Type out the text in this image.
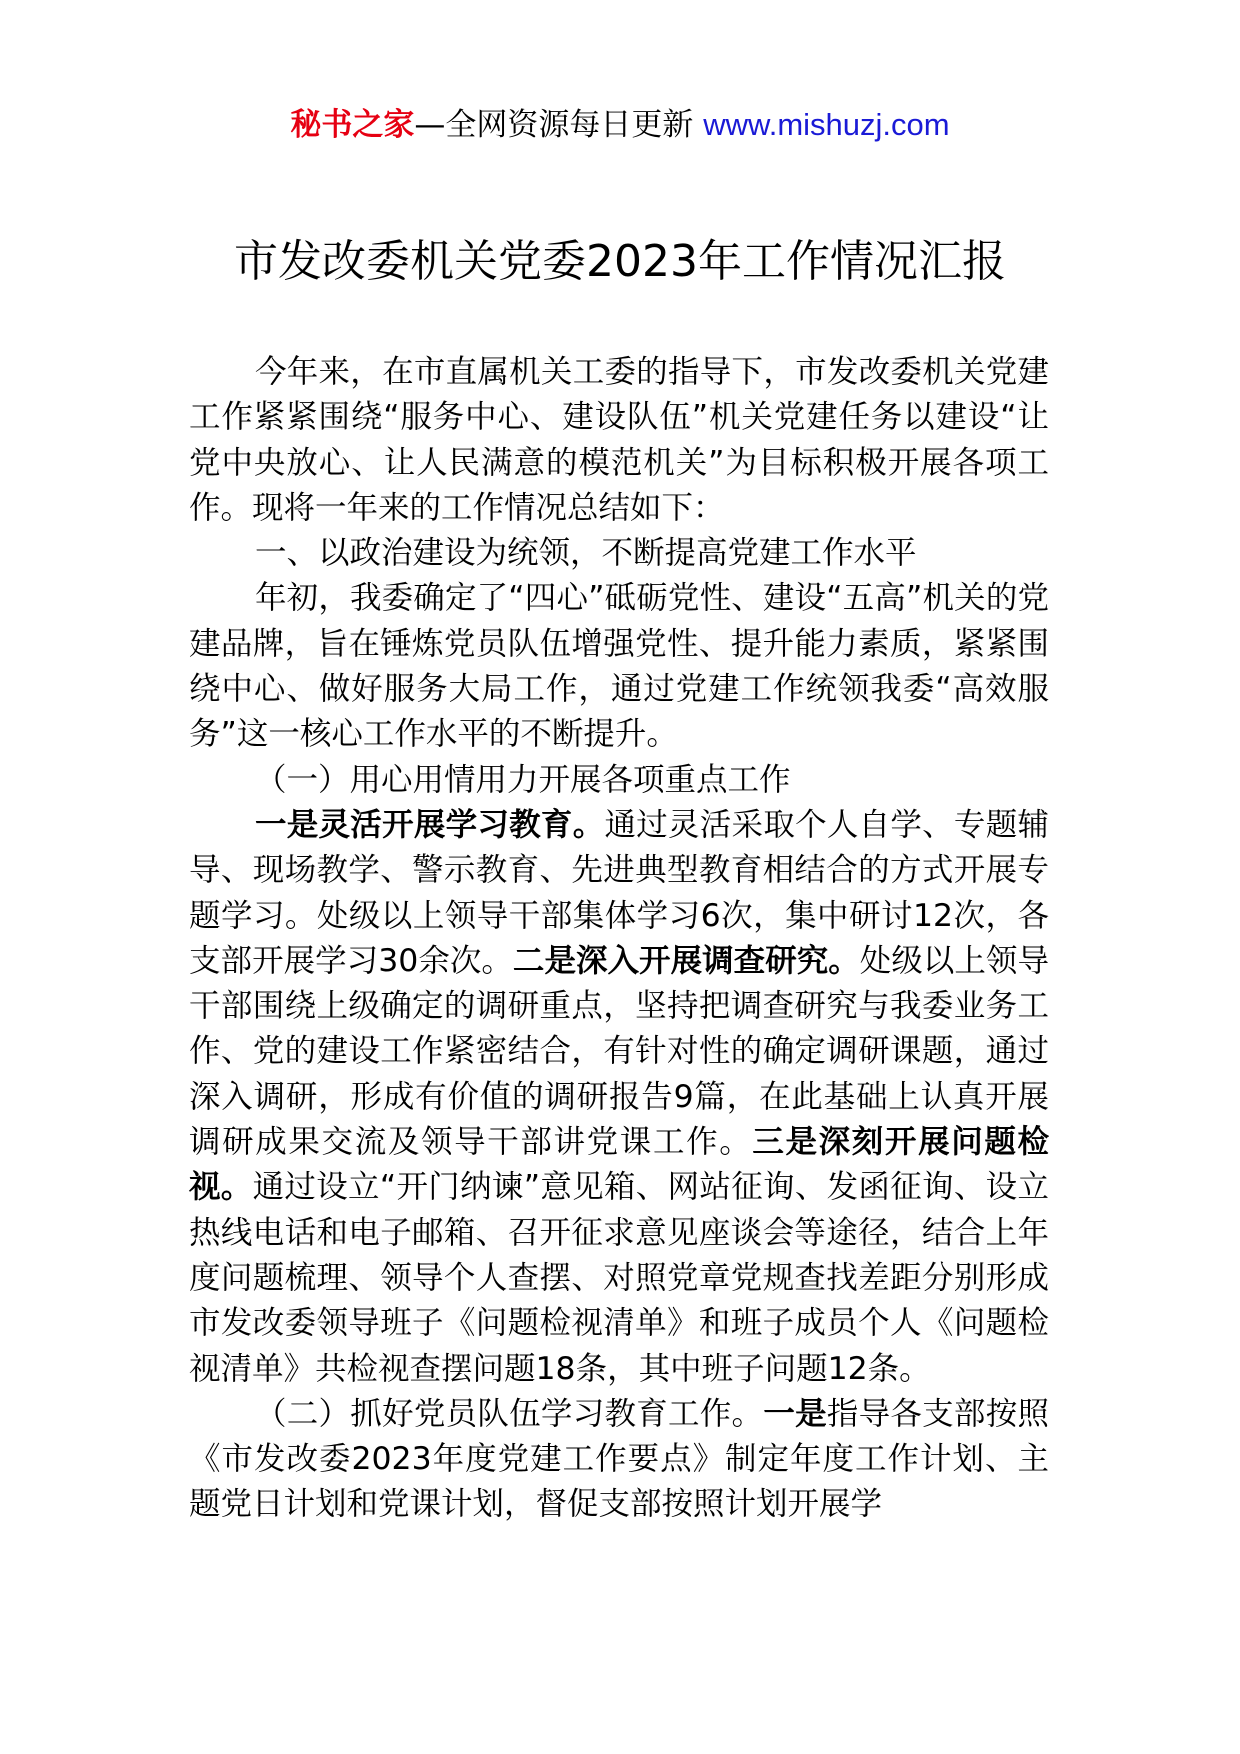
秘书之家—全网资源每日更新 www.mishuzj.com
市发改委机关党委2023年工作情况汇报

今年来，在市直属机关工委的指导下，市发改委机关党建工作紧紧围绕“服务中心、建设队伍”机关党建任务以建设“让党中央放心、让人民满意的模范机关”为目标积极开展各项工作。现将一年来的工作情况总结如下：

一、以政治建设为统领，不断提高党建工作水平

年初，我委确定了“四心”砥砺党性、建设“五高”机关的党建品牌，旨在锤炼党员队伍增强党性、提升能力素质，紧紧围绕中心、做好服务大局工作，通过党建工作统领我委“高效服务”这一核心工作水平的不断提升。

（一）用心用情用力开展各项重点工作

一是灵活开展学习教育。通过灵活采取个人自学、专题辅导、现场教学、警示教育、先进典型教育相结合的方式开展专题学习。处级以上领导干部集体学习6次，集中研讨12次，各支部开展学习30余次。二是深入开展调查研究。处级以上领导干部围绕上级确定的调研重点，坚持把调查研究与我委业务工作、党的建设工作紧密结合，有针对性的确定调研课题，通过深入调研，形成有价值的调研报告9篇，在此基础上认真开展调研成果交流及领导干部讲党课工作。三是深刻开展问题检视。通过设立“开门纳谏”意见箱、网站征询、发函征询、设立热线电话和电子邮箱、召开征求意见座谈会等途径，结合上年度问题梳理、领导个人查摆、对照党章党规查找差距分别形成市发改委领导班子《问题检视清单》和班子成员个人《问题检视清单》共检视查摆问题18条，其中班子问题12条。

（二）抓好党员队伍学习教育工作。一是指导各支部按照《市发改委2023年度党建工作要点》制定年度工作计划、主题党日计划和党课计划，督促支部按照计划开展学
